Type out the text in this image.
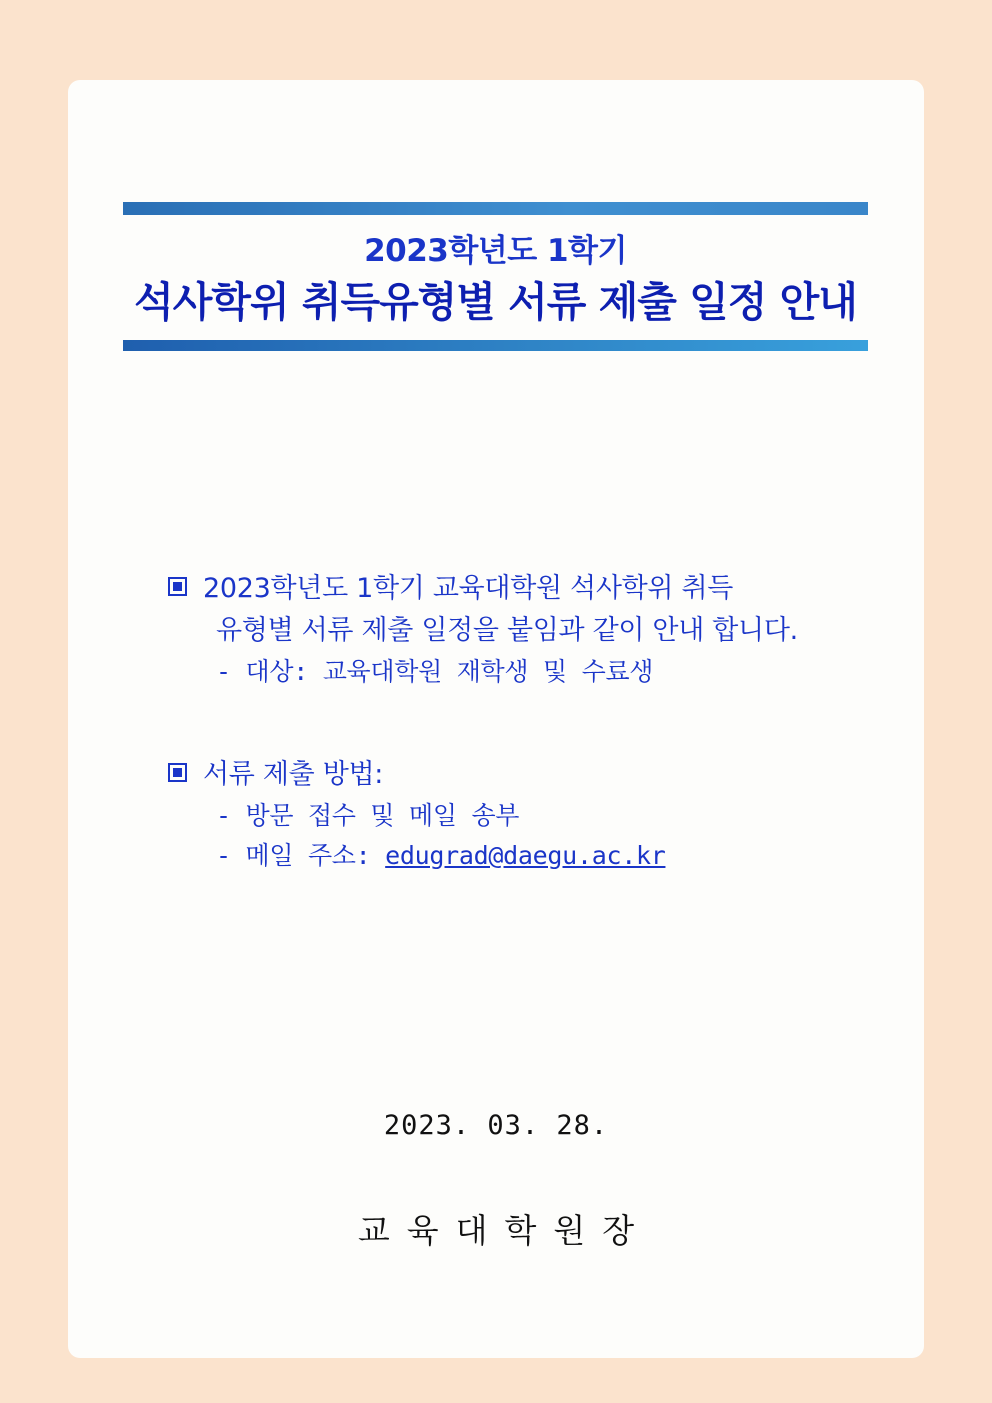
2023학년도 1학기
석사학위 취득유형별 서류 제출 일정 안내
2023학년도 1학기 교육대학원 석사학위 취득
유형별 서류 제출 일정을 붙임과 같이 안내 합니다.
- 대상: 교육대학원 재학생 및 수료생
서류 제출 방법:
- 방문 접수 및 메일 송부
- 메일 주소: edugrad@daegu.ac.kr
2023. 03. 28.
교육대학원장
